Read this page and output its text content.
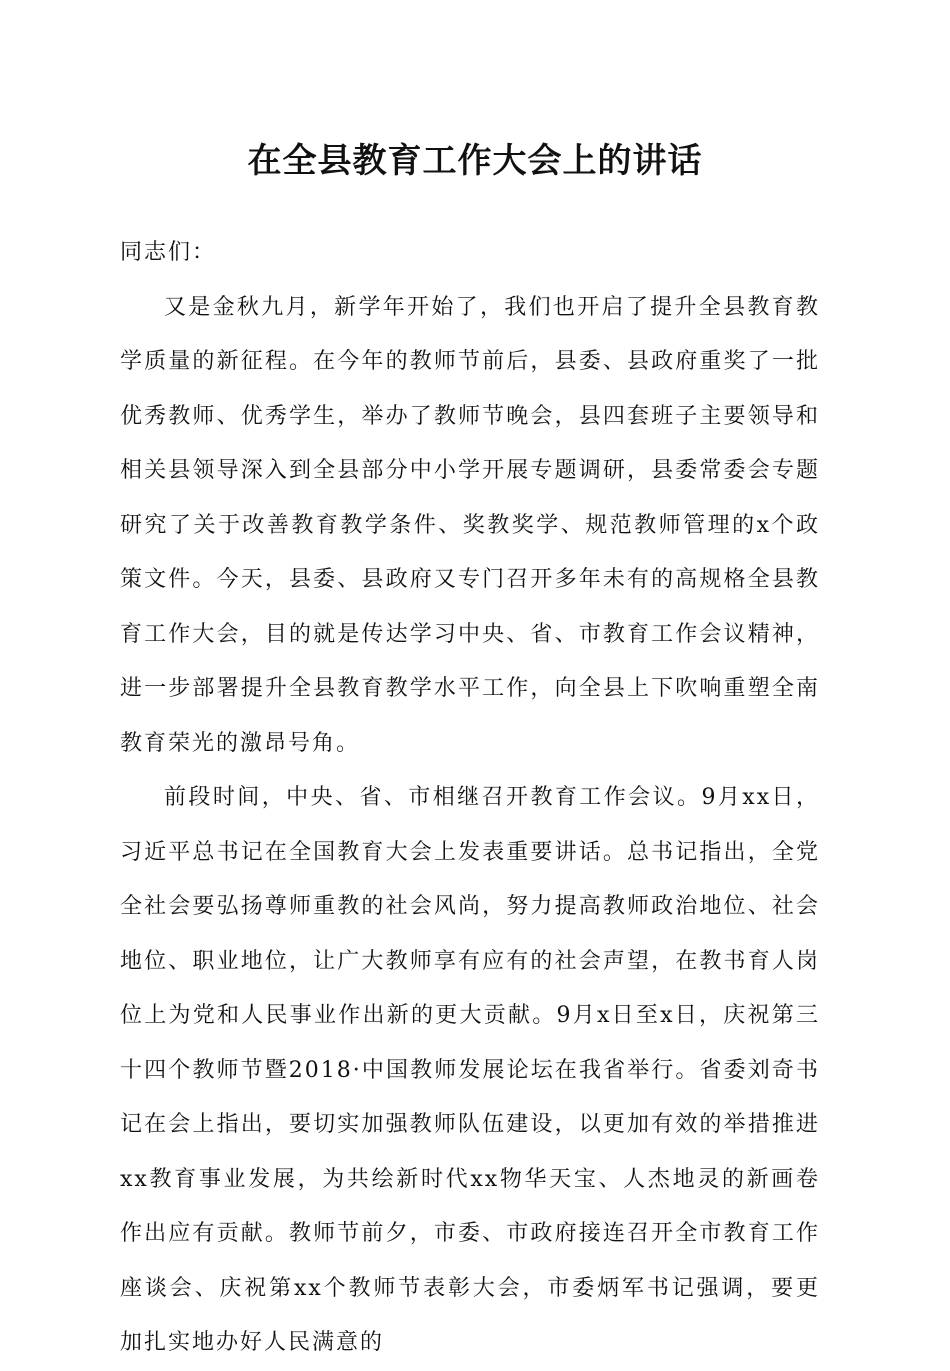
在全县教育工作大会上的讲话

同志们：

又是金秋九月，新学年开始了，我们也开启了提升全县教育教学质量的新征程。在今年的教师节前后，县委、县政府重奖了一批优秀教师、优秀学生，举办了教师节晚会，县四套班子主要领导和相关县领导深入到全县部分中小学开展专题调研，县委常委会专题研究了关于改善教育教学条件、奖教奖学、规范教师管理的x个政策文件。今天，县委、县政府又专门召开多年未有的高规格全县教育工作大会，目的就是传达学习中央、省、市教育工作会议精神，进一步部署提升全县教育教学水平工作，向全县上下吹响重塑全南教育荣光的激昂号角。

前段时间，中央、省、市相继召开教育工作会议。9月xx日，习近平总书记在全国教育大会上发表重要讲话。总书记指出，全党全社会要弘扬尊师重教的社会风尚，努力提高教师政治地位、社会地位、职业地位，让广大教师享有应有的社会声望，在教书育人岗位上为党和人民事业作出新的更大贡献。9月x日至x日，庆祝第三十四个教师节暨2018·中国教师发展论坛在我省举行。省委刘奇书记在会上指出，要切实加强教师队伍建设，以更加有效的举措推进xx教育事业发展，为共绘新时代xx物华天宝、人杰地灵的新画卷作出应有贡献。教师节前夕，市委、市政府接连召开全市教育工作座谈会、庆祝第xx个教师节表彰大会，市委炳军书记强调，要更加扎实地办好人民满意的
